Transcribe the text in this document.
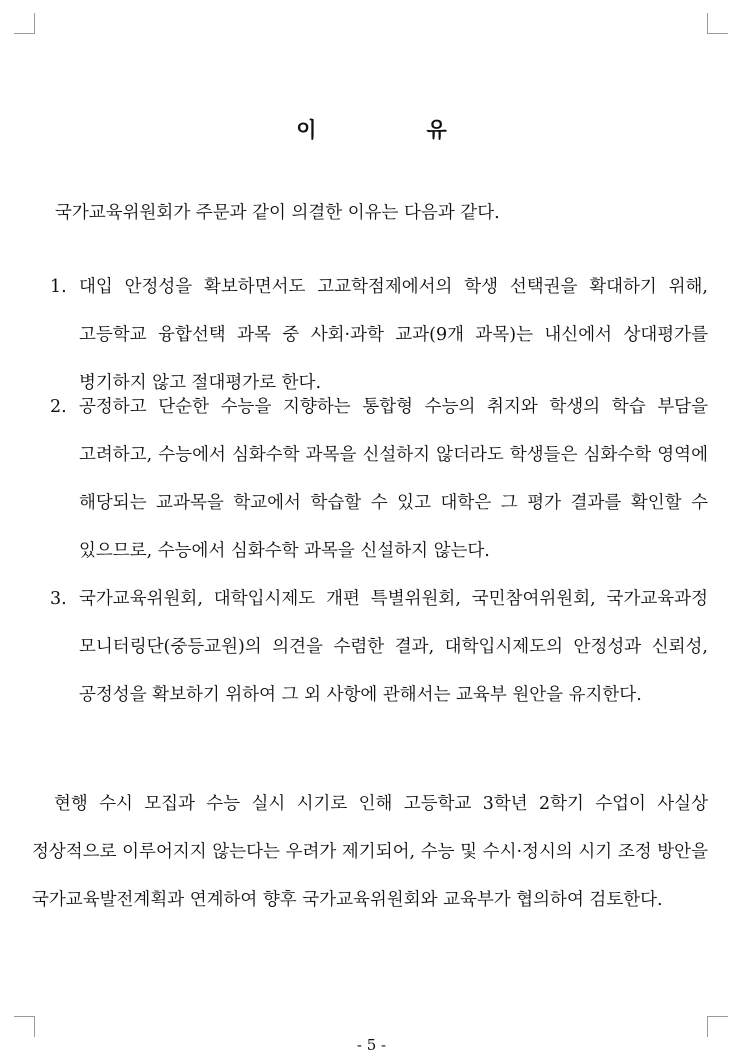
이	유
국가교육위원회가 주문과 같이 의결한 이유는 다음과 같다.
1. 대입 안정성을 확보하면서도 고교학점제에서의 학생 선택권을 확대하기 위해, 고등학교 융합선택 과목 중 사회·과학 교과(9개 과목)는 내신에서 상대평가를 병기하지 않고 절대평가로 한다.
2. 공정하고 단순한 수능을 지향하는 통합형 수능의 취지와 학생의 학습 부담을 고려하고, 수능에서 심화수학 과목을 신설하지 않더라도 학생들은 심화수학 영역에 해당되는 교과목을 학교에서 학습할 수 있고 대학은 그 평가 결과를 확인할 수 있으므로, 수능에서 심화수학 과목을 신설하지 않는다.
3. 국가교육위원회, 대학입시제도 개편 특별위원회, 국민참여위원회, 국가교육과정 모니터링단(중등교원)의 의견을 수렴한 결과, 대학입시제도의 안정성과 신뢰성, 공정성을 확보하기 위하여 그 외 사항에 관해서는 교육부 원안을 유지한다.
현행 수시 모집과 수능 실시 시기로 인해 고등학교 3학년 2학기 수업이 사실상 정상적으로 이루어지지 않는다는 우려가 제기되어, 수능 및 수시·정시의 시기 조정 방안을 국가교육발전계획과 연계하여 향후 국가교육위원회와 교육부가 협의하여 검토한다.
- 5 -
